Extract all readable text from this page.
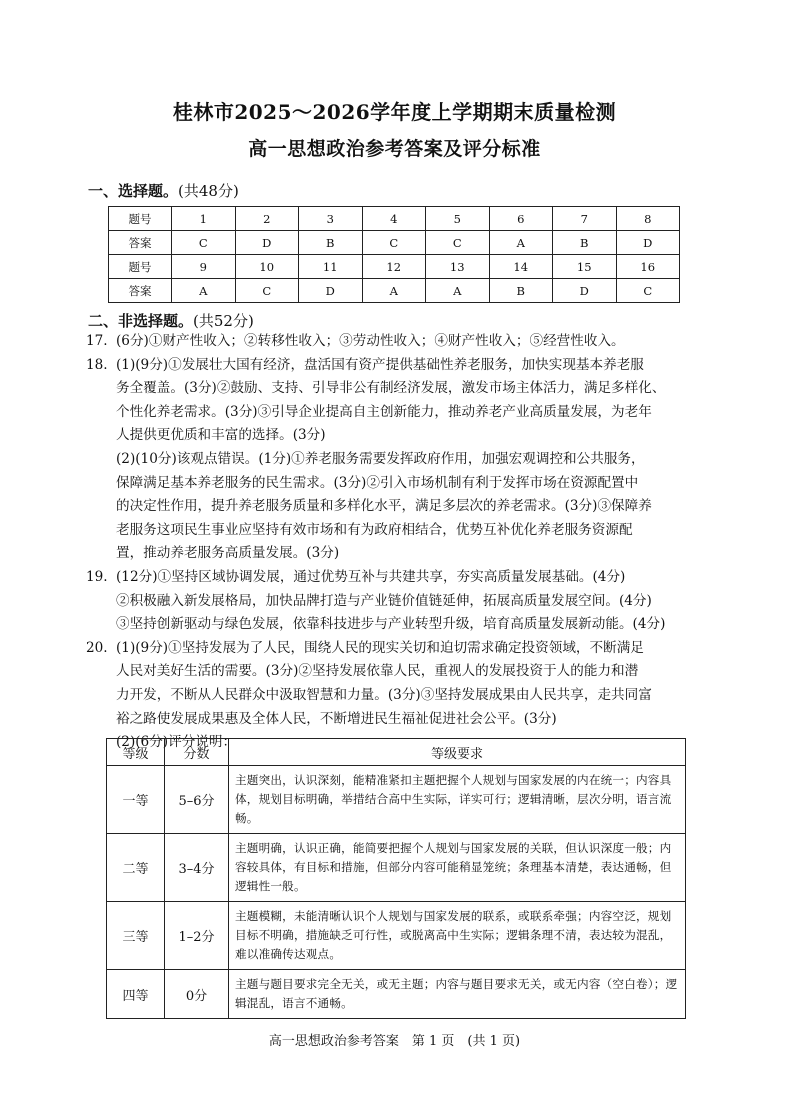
桂林市2025～2026学年度上学期期末质量检测
高一思想政治参考答案及评分标准
一、选择题。(共48分)
题号	1	2	3	4	5	6	7	8
答案	C	D	B	C	C	A	B	D
题号	9	10	11	12	13	14	15	16
答案	A	C	D	A	A	B	D	C
二、非选择题。(共52分)

17. (6分)①财产性收入；②转移性收入；③劳动性收入；④财产性收入；⑤经营性收入。

18. (1)(9分)①发展壮大国有经济，盘活国有资产提供基础性养老服务，加快实现基本养老服

务全覆盖。(3分)②鼓励、支持、引导非公有制经济发展，激发市场主体活力，满足多样化、

个性化养老需求。(3分)③引导企业提高自主创新能力，推动养老产业高质量发展，为老年

人提供更优质和丰富的选择。(3分)

(2)(10分)该观点错误。(1分)①养老服务需要发挥政府作用，加强宏观调控和公共服务，

保障满足基本养老服务的民生需求。(3分)②引入市场机制有利于发挥市场在资源配置中

的决定性作用，提升养老服务质量和多样化水平，满足多层次的养老需求。(3分)③保障养

老服务这项民生事业应坚持有效市场和有为政府相结合，优势互补优化养老服务资源配

置，推动养老服务高质量发展。(3分)

19. (12分)①坚持区域协调发展，通过优势互补与共建共享，夯实高质量发展基础。(4分)

②积极融入新发展格局，加快品牌打造与产业链价值链延伸，拓展高质量发展空间。(4分)

③坚持创新驱动与绿色发展，依靠科技进步与产业转型升级，培育高质量发展新动能。(4分)

20. (1)(9分)①坚持发展为了人民，围绕人民的现实关切和迫切需求确定投资领域，不断满足

人民对美好生活的需要。(3分)②坚持发展依靠人民，重视人的发展投资于人的能力和潜

力开发，不断从人民群众中汲取智慧和力量。(3分)③坚持发展成果由人民共享，走共同富

裕之路使发展成果惠及全体人民，不断增进民生福祉促进社会公平。(3分)

(2)(6分)评分说明：

等级	分数	等级要求
一等	5–6分	主题突出，认识深刻，能精准紧扣主题把握个人规划与国家发展的内在统一；内容具体，规划目标明确，举措结合高中生实际，详实可行；逻辑清晰，层次分明，语言流畅。
二等	3–4分	主题明确，认识正确，能简要把握个人规划与国家发展的关联，但认识深度一般；内容较具体，有目标和措施，但部分内容可能稍显笼统；条理基本清楚，表达通畅，但逻辑性一般。
三等	1–2分	主题模糊，未能清晰认识个人规划与国家发展的联系，或联系牵强；内容空泛，规划目标不明确，措施缺乏可行性，或脱离高中生实际；逻辑条理不清，表达较为混乱，难以准确传达观点。
四等	0分	主题与题目要求完全无关，或无主题；内容与题目要求无关，或无内容（空白卷）；逻辑混乱，语言不通畅。
高一思想政治参考答案　第 1 页　(共 1 页)
